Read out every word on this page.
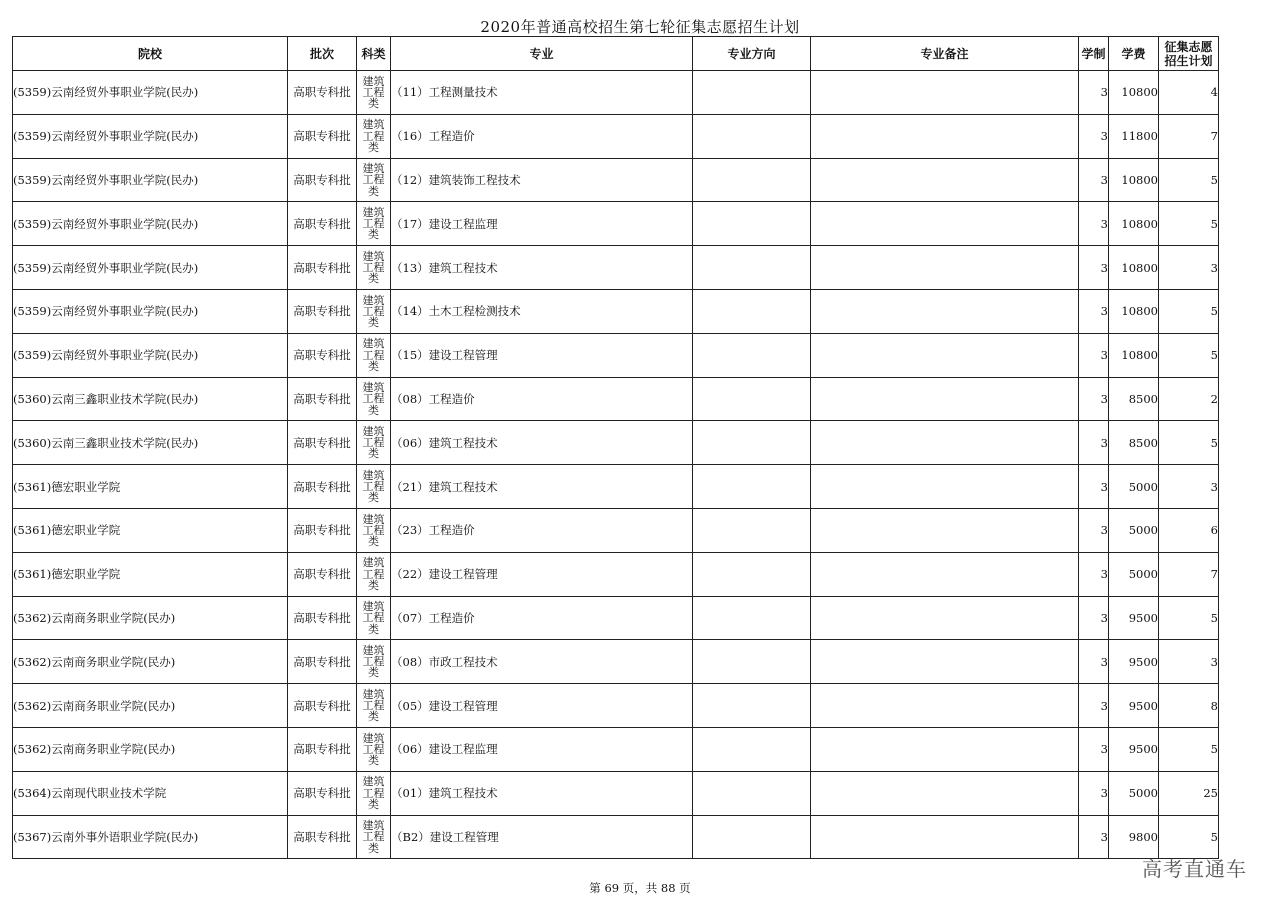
2020年普通高校招生第七轮征集志愿招生计划
院校	批次	科类	专业	专业方向	专业备注	学制	学费	征集志愿
招生计划

(5359)云南经贸外事职业学院(民办)	高职专科批	建筑工程类	（11）工程测量技术			3	10800	4
(5359)云南经贸外事职业学院(民办)	高职专科批	建筑工程类	（16）工程造价			3	11800	7
(5359)云南经贸外事职业学院(民办)	高职专科批	建筑工程类	（12）建筑装饰工程技术			3	10800	5
(5359)云南经贸外事职业学院(民办)	高职专科批	建筑工程类	（17）建设工程监理			3	10800	5
(5359)云南经贸外事职业学院(民办)	高职专科批	建筑工程类	（13）建筑工程技术			3	10800	3
(5359)云南经贸外事职业学院(民办)	高职专科批	建筑工程类	（14）土木工程检测技术			3	10800	5
(5359)云南经贸外事职业学院(民办)	高职专科批	建筑工程类	（15）建设工程管理			3	10800	5
(5360)云南三鑫职业技术学院(民办)	高职专科批	建筑工程类	（08）工程造价			3	8500	2
(5360)云南三鑫职业技术学院(民办)	高职专科批	建筑工程类	（06）建筑工程技术			3	8500	5
(5361)德宏职业学院	高职专科批	建筑工程类	（21）建筑工程技术			3	5000	3
(5361)德宏职业学院	高职专科批	建筑工程类	（23）工程造价			3	5000	6
(5361)德宏职业学院	高职专科批	建筑工程类	（22）建设工程管理			3	5000	7
(5362)云南商务职业学院(民办)	高职专科批	建筑工程类	（07）工程造价			3	9500	5
(5362)云南商务职业学院(民办)	高职专科批	建筑工程类	（08）市政工程技术			3	9500	3
(5362)云南商务职业学院(民办)	高职专科批	建筑工程类	（05）建设工程管理			3	9500	8
(5362)云南商务职业学院(民办)	高职专科批	建筑工程类	（06）建设工程监理			3	9500	5
(5364)云南现代职业技术学院	高职专科批	建筑工程类	（01）建筑工程技术			3	5000	25
(5367)云南外事外语职业学院(民办)	高职专科批	建筑工程类	（B2）建设工程管理			3	9800	5
第 69 页，共 88 页
高考直通车
